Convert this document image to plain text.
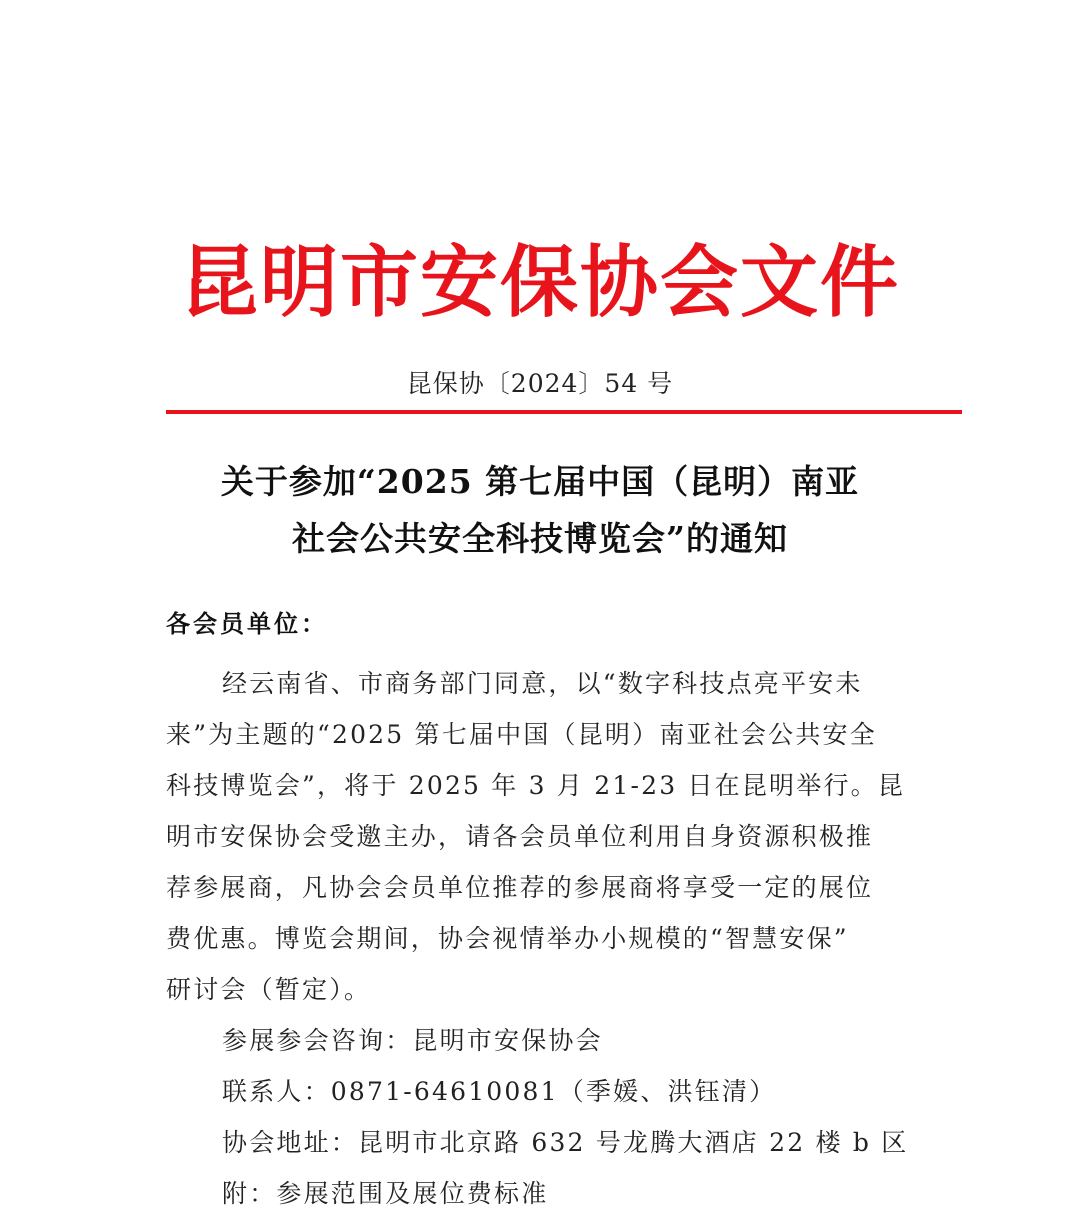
昆明市安保协会文件
昆保协〔2024〕54 号
关于参加“2025 第七届中国（昆明）南亚
社会公共安全科技博览会”的通知
各会员单位：
经云南省、市商务部门同意，以“数字科技点亮平安未
来”为主题的“2025 第七届中国（昆明）南亚社会公共安全
科技博览会”，将于 2025 年 3 月 21-23 日在昆明举行。昆
明市安保协会受邀主办，请各会员单位利用自身资源积极推
荐参展商，凡协会会员单位推荐的参展商将享受一定的展位
费优惠。博览会期间，协会视情举办小规模的“智慧安保”
研讨会（暂定）。
参展参会咨询：昆明市安保协会
联系人：0871-64610081（季媛、洪钰清）
协会地址：昆明市北京路 632 号龙腾大酒店 22 楼 b 区
附：参展范围及展位费标准
